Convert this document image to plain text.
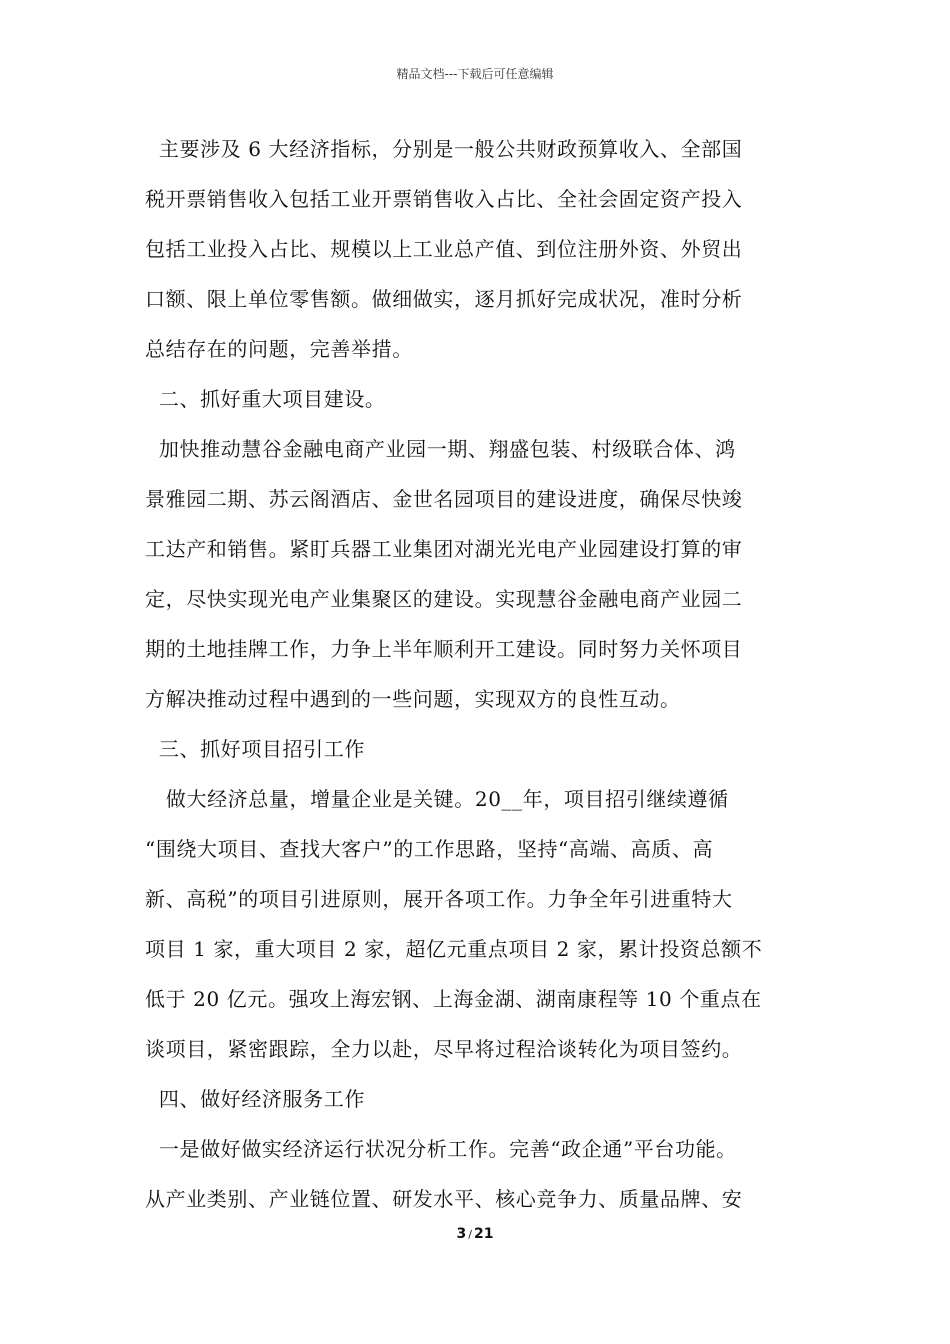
精品文档---下载后可任意编辑
主要涉及 6 大经济指标，分别是一般公共财政预算收入、全部国
税开票销售收入包括工业开票销售收入占比、全社会固定资产投入
包括工业投入占比、规模以上工业总产值、到位注册外资、外贸出
口额、限上单位零售额。做细做实，逐月抓好完成状况，准时分析
总结存在的问题，完善举措。
二、抓好重大项目建设。
加快推动慧谷金融电商产业园一期、翔盛包装、村级联合体、鸿
景雅园二期、苏云阁酒店、金世名园项目的建设进度，确保尽快竣
工达产和销售。紧盯兵器工业集团对湖光光电产业园建设打算的审
定，尽快实现光电产业集聚区的建设。实现慧谷金融电商产业园二
期的土地挂牌工作，力争上半年顺利开工建设。同时努力关怀项目
方解决推动过程中遇到的一些问题，实现双方的良性互动。
三、抓好项目招引工作
做大经济总量，增量企业是关键。20__年，项目招引继续遵循
“围绕大项目、查找大客户”的工作思路，坚持“高端、高质、高
新、高税”的项目引进原则，展开各项工作。力争全年引进重特大
项目 1 家，重大项目 2 家，超亿元重点项目 2 家，累计投资总额不
低于 20 亿元。强攻上海宏钢、上海金湖、湖南康程等 10 个重点在
谈项目，紧密跟踪，全力以赴，尽早将过程洽谈转化为项目签约。
四、做好经济服务工作
一是做好做实经济运行状况分析工作。完善“政企通”平台功能。
从产业类别、产业链位置、研发水平、核心竞争力、质量品牌、安
3 / 21
